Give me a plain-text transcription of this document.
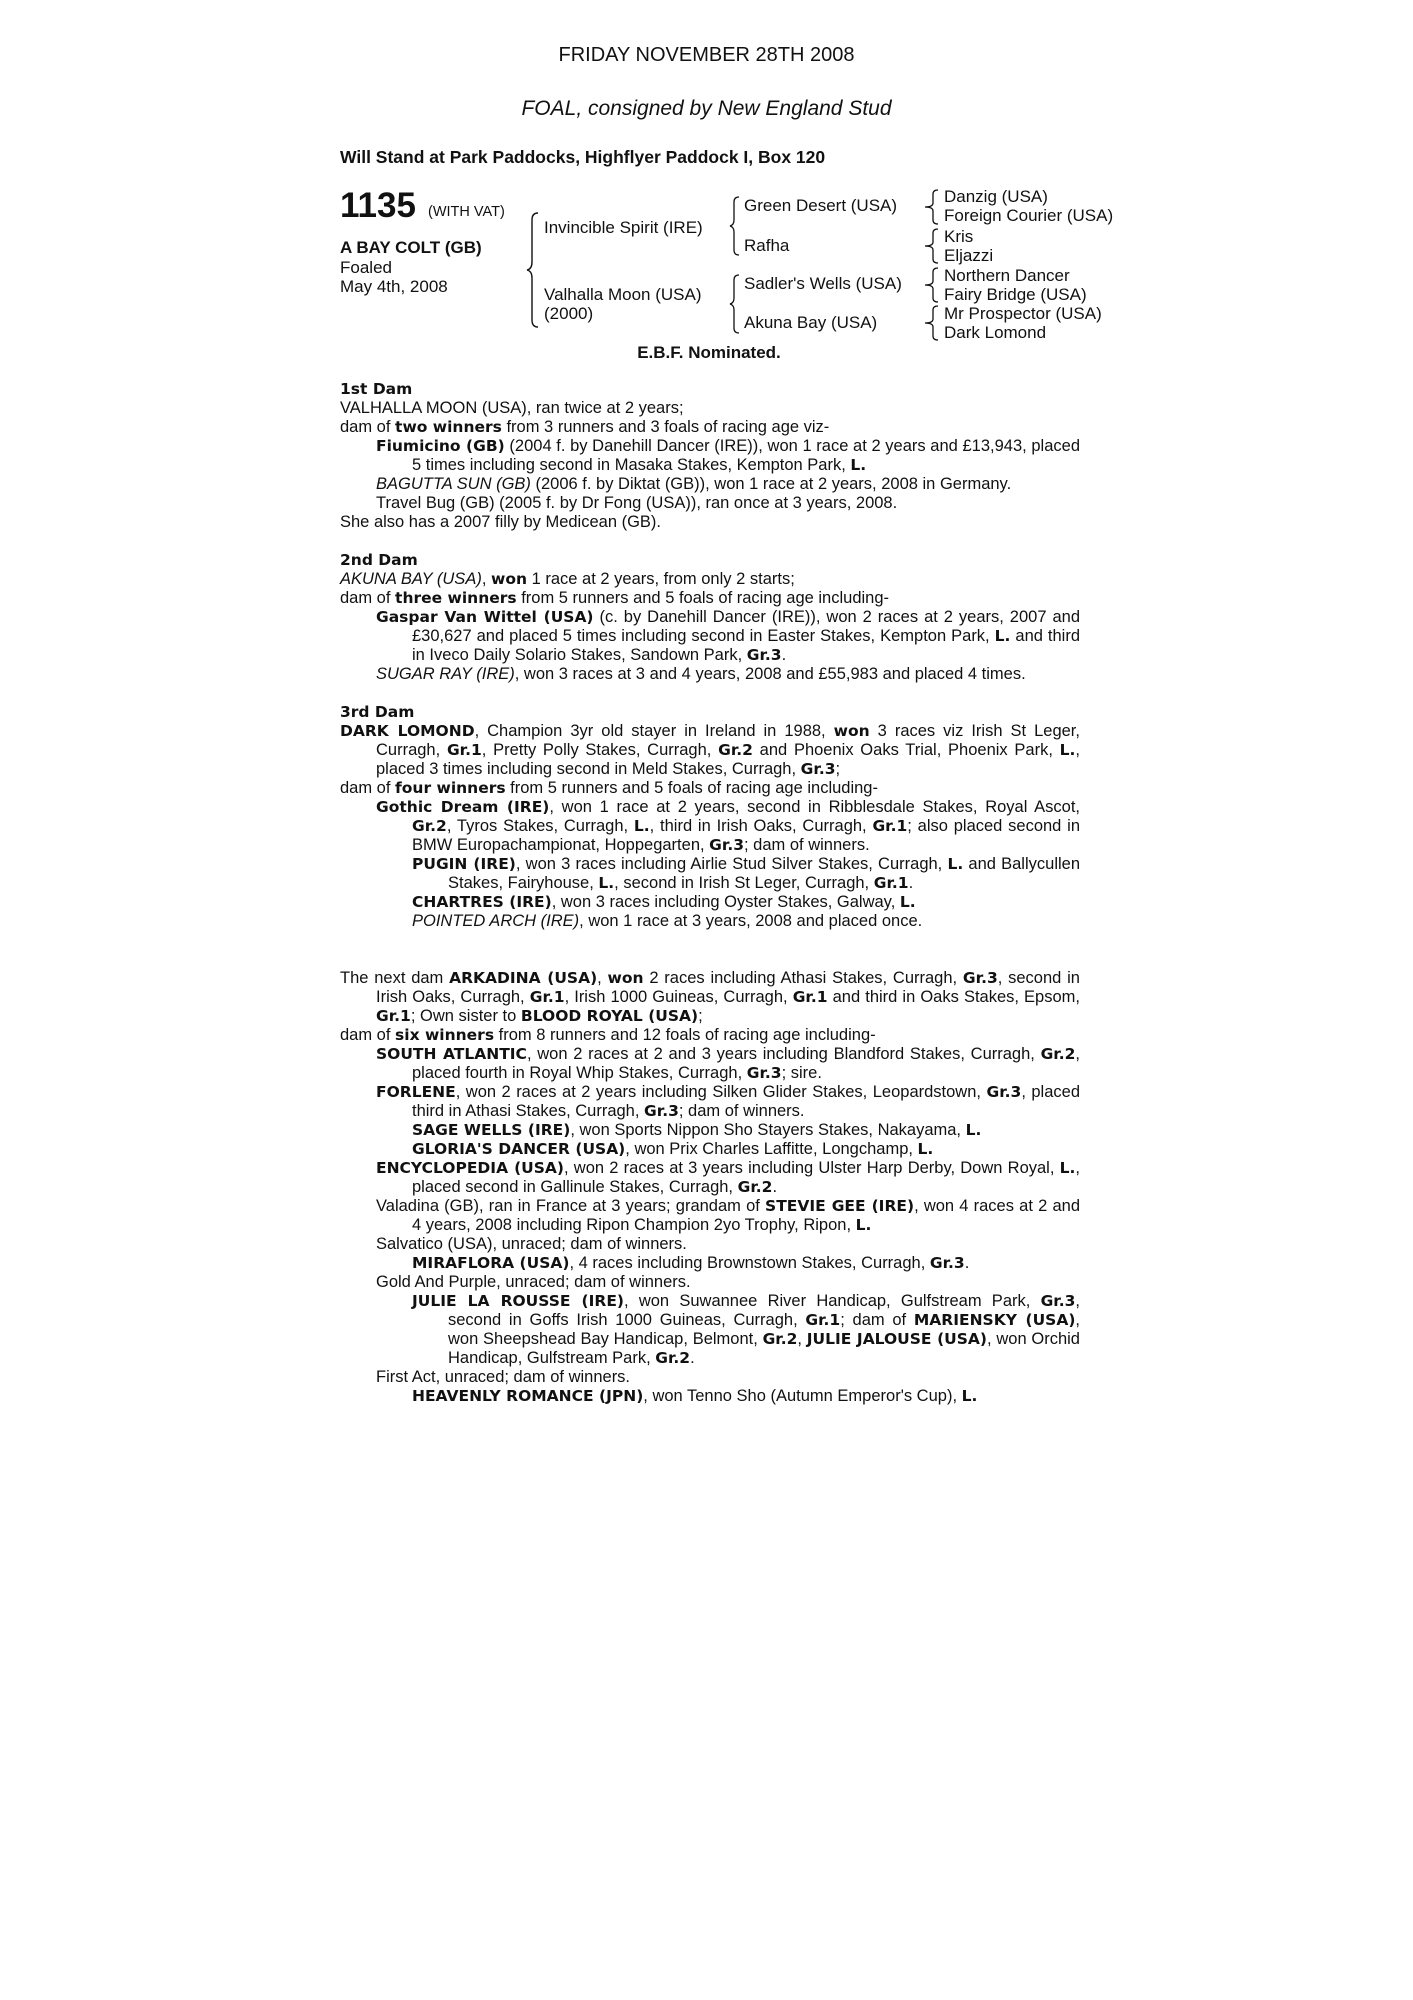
FRIDAY NOVEMBER 28TH 2008
FOAL, consigned by New England Stud
Will Stand at Park Paddocks, Highflyer Paddock I, Box 120
1135 (WITH VAT)
A BAY COLT (GB)
Foaled
May 4th, 2008
Invincible Spirit (IRE)
Valhalla Moon (USA)
(2000)
Green Desert (USA)
Rafha
Sadler's Wells (USA)
Akuna Bay (USA)
Danzig (USA)
Foreign Courier (USA)
Kris
Eljazzi
Northern Dancer
Fairy Bridge (USA)
Mr Prospector (USA)
Dark Lomond
E.B.F. Nominated.

1st Dam

VALHALLA MOON (USA), ran twice at 2 years;

dam of two winners from 3 runners and 3 foals of racing age viz-

Fiumicino (GB) (2004 f. by Danehill Dancer (IRE)), won 1 race at 2 years and £13,943, placed 5 times including second in Masaka Stakes, Kempton Park, L.

BAGUTTA SUN (GB) (2006 f. by Diktat (GB)), won 1 race at 2 years, 2008 in Germany.

Travel Bug (GB) (2005 f. by Dr Fong (USA)), ran once at 3 years, 2008.

She also has a 2007 filly by Medicean (GB).

2nd Dam

AKUNA BAY (USA), won 1 race at 2 years, from only 2 starts;

dam of three winners from 5 runners and 5 foals of racing age including-

Gaspar Van Wittel (USA) (c. by Danehill Dancer (IRE)), won 2 races at 2 years, 2007 and £30,627 and placed 5 times including second in Easter Stakes, Kempton Park, L. and third in Iveco Daily Solario Stakes, Sandown Park, Gr.3.

SUGAR RAY (IRE), won 3 races at 3 and 4 years, 2008 and £55,983 and placed 4 times.

3rd Dam

DARK LOMOND, Champion 3yr old stayer in Ireland in 1988, won 3 races viz Irish St Leger, Curragh, Gr.1, Pretty Polly Stakes, Curragh, Gr.2 and Phoenix Oaks Trial, Phoenix Park, L., placed 3 times including second in Meld Stakes, Curragh, Gr.3;

dam of four winners from 5 runners and 5 foals of racing age including-

Gothic Dream (IRE), won 1 race at 2 years, second in Ribblesdale Stakes, Royal Ascot, Gr.2, Tyros Stakes, Curragh, L., third in Irish Oaks, Curragh, Gr.1; also placed second in BMW Europachampionat, Hoppegarten, Gr.3; dam of winners.

PUGIN (IRE), won 3 races including Airlie Stud Silver Stakes, Curragh, L. and Ballycullen Stakes, Fairyhouse, L., second in Irish St Leger, Curragh, Gr.1.

CHARTRES (IRE), won 3 races including Oyster Stakes, Galway, L.

POINTED ARCH (IRE), won 1 race at 3 years, 2008 and placed once.

The next dam ARKADINA (USA), won 2 races including Athasi Stakes, Curragh, Gr.3, second in Irish Oaks, Curragh, Gr.1, Irish 1000 Guineas, Curragh, Gr.1 and third in Oaks Stakes, Epsom, Gr.1; Own sister to BLOOD ROYAL (USA);

dam of six winners from 8 runners and 12 foals of racing age including-

SOUTH ATLANTIC, won 2 races at 2 and 3 years including Blandford Stakes, Curragh, Gr.2, placed fourth in Royal Whip Stakes, Curragh, Gr.3; sire.

FORLENE, won 2 races at 2 years including Silken Glider Stakes, Leopardstown, Gr.3, placed third in Athasi Stakes, Curragh, Gr.3; dam of winners.

SAGE WELLS (IRE), won Sports Nippon Sho Stayers Stakes, Nakayama, L.

GLORIA'S DANCER (USA), won Prix Charles Laffitte, Longchamp, L.

ENCYCLOPEDIA (USA), won 2 races at 3 years including Ulster Harp Derby, Down Royal, L., placed second in Gallinule Stakes, Curragh, Gr.2.

Valadina (GB), ran in France at 3 years; grandam of STEVIE GEE (IRE), won 4 races at 2 and 4 years, 2008 including Ripon Champion 2yo Trophy, Ripon, L.

Salvatico (USA), unraced; dam of winners.

MIRAFLORA (USA), 4 races including Brownstown Stakes, Curragh, Gr.3.

Gold And Purple, unraced; dam of winners.

JULIE LA ROUSSE (IRE), won Suwannee River Handicap, Gulfstream Park, Gr.3, second in Goffs Irish 1000 Guineas, Curragh, Gr.1; dam of MARIENSKY (USA), won Sheepshead Bay Handicap, Belmont, Gr.2, JULIE JALOUSE (USA), won Orchid Handicap, Gulfstream Park, Gr.2.

First Act, unraced; dam of winners.

HEAVENLY ROMANCE (JPN), won Tenno Sho (Autumn Emperor's Cup), L.
